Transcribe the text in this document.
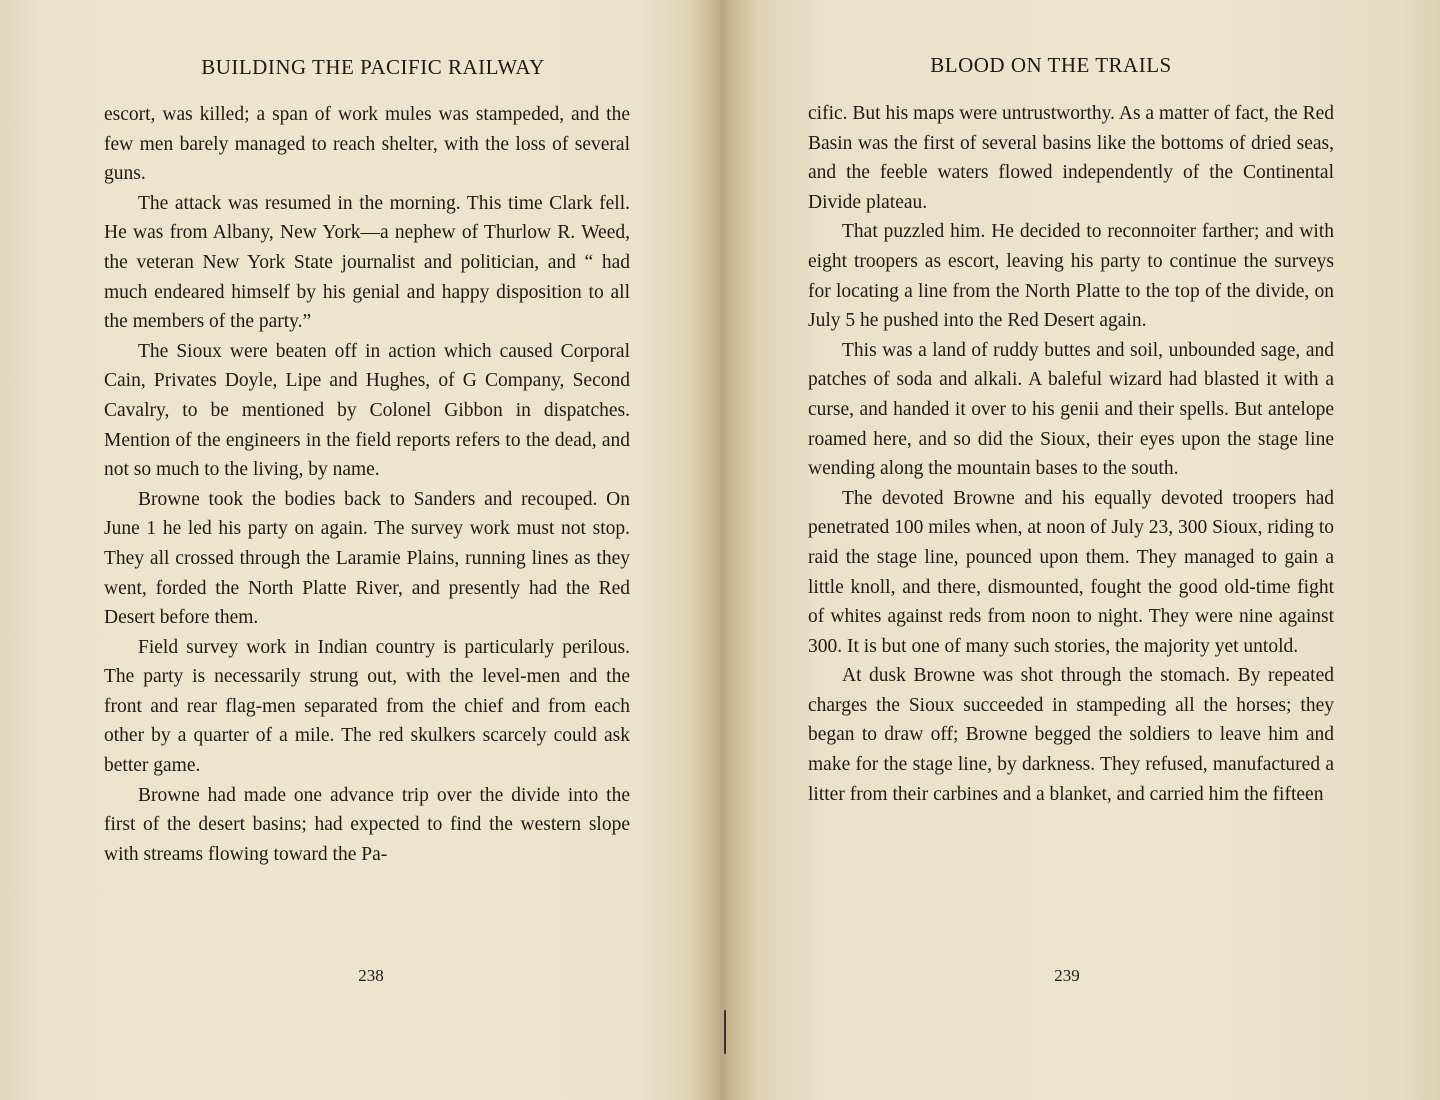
BUILDING THE PACIFIC RAILWAY

escort, was killed; a span of work mules was stampeded, and the few men barely managed to reach shelter, with the loss of several guns.

The attack was resumed in the morning. This time Clark fell. He was from Albany, New York—a nephew of Thurlow R. Weed, the veteran New York State journalist and politician, and “ had much endeared himself by his genial and happy disposition to all the members of the party.”

The Sioux were beaten off in action which caused Corporal Cain, Privates Doyle, Lipe and Hughes, of G Company, Second Cavalry, to be mentioned by Colonel Gibbon in dispatches. Mention of the engineers in the field reports refers to the dead, and not so much to the living, by name.

Browne took the bodies back to Sanders and recouped. On June 1 he led his party on again. The survey work must not stop. They all crossed through the Laramie Plains, running lines as they went, forded the North Platte River, and presently had the Red Desert before them.

Field survey work in Indian country is particularly perilous. The party is necessarily strung out, with the level-men and the front and rear flag-men separated from the chief and from each other by a quarter of a mile. The red skulkers scarcely could ask better game.

Browne had made one advance trip over the divide into the first of the desert basins; had expected to find the western slope with streams flowing toward the Pa-

238
BLOOD ON THE TRAILS

cific. But his maps were untrustworthy. As a matter of fact, the Red Basin was the first of several basins like the bottoms of dried seas, and the feeble waters flowed independently of the Continental Divide plateau.

That puzzled him. He decided to reconnoiter farther; and with eight troopers as escort, leaving his party to continue the surveys for locating a line from the North Platte to the top of the divide, on July 5 he pushed into the Red Desert again.

This was a land of ruddy buttes and soil, unbounded sage, and patches of soda and alkali. A baleful wizard had blasted it with a curse, and handed it over to his genii and their spells. But antelope roamed here, and so did the Sioux, their eyes upon the stage line wending along the mountain bases to the south.

The devoted Browne and his equally devoted troopers had penetrated 100 miles when, at noon of July 23, 300 Sioux, riding to raid the stage line, pounced upon them. They managed to gain a little knoll, and there, dismounted, fought the good old-time fight of whites against reds from noon to night. They were nine against 300. It is but one of many such stories, the majority yet untold.

At dusk Browne was shot through the stomach. By repeated charges the Sioux succeeded in stampeding all the horses; they began to draw off; Browne begged the soldiers to leave him and make for the stage line, by darkness. They refused, manufactured a litter from their carbines and a blanket, and carried him the fifteen

239
